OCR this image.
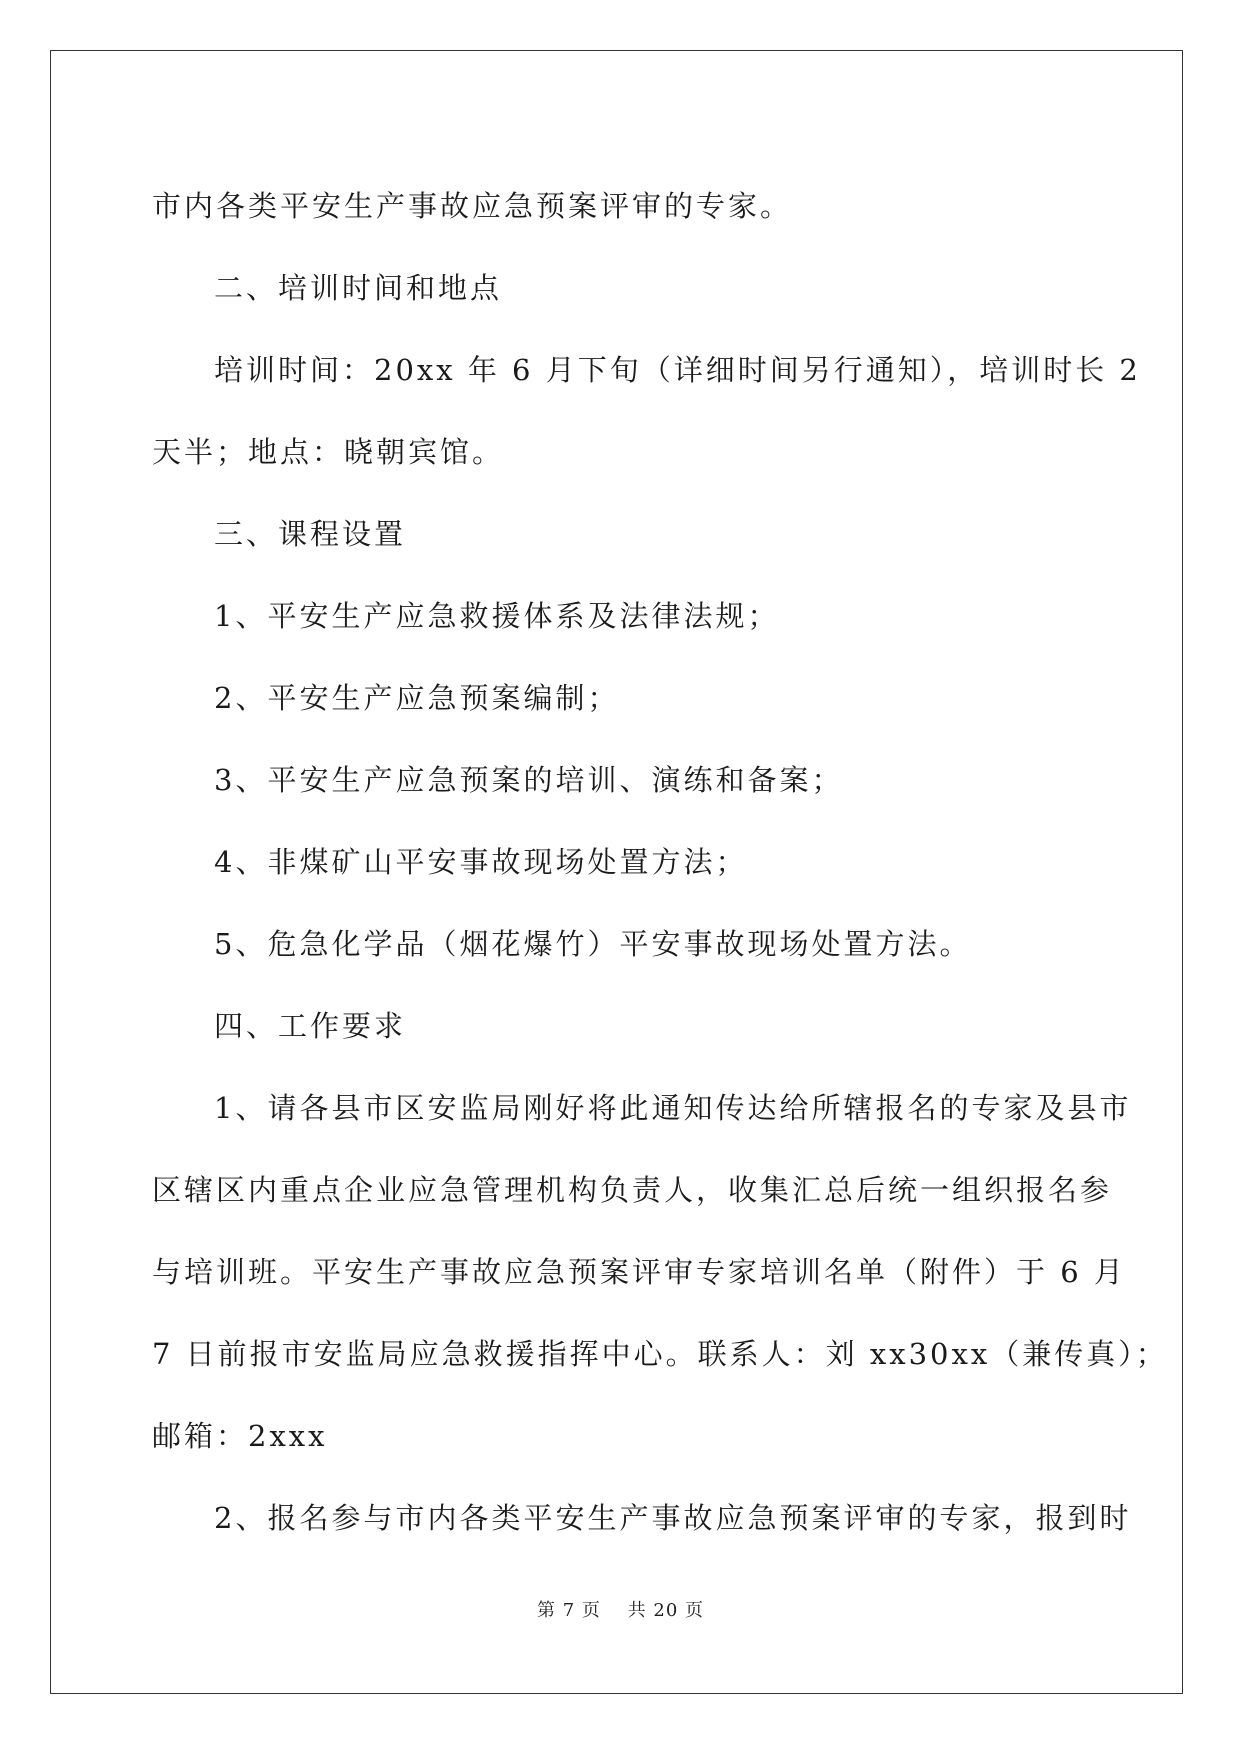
市内各类平安生产事故应急预案评审的专家。
二、培训时间和地点
培训时间：20xx 年 6 月下旬（详细时间另行通知），培训时长 2
天半；地点：晓朝宾馆。
三、课程设置
1、平安生产应急救援体系及法律法规；
2、平安生产应急预案编制；
3、平安生产应急预案的培训、演练和备案；
4、非煤矿山平安事故现场处置方法；
5、危急化学品（烟花爆竹）平安事故现场处置方法。
四、工作要求
1、请各县市区安监局刚好将此通知传达给所辖报名的专家及县市
区辖区内重点企业应急管理机构负责人，收集汇总后统一组织报名参
与培训班。平安生产事故应急预案评审专家培训名单（附件）于 6 月
7 日前报市安监局应急救援指挥中心。联系人：刘 xx30xx（兼传真）；
邮箱：2xxx
2、报名参与市内各类平安生产事故应急预案评审的专家，报到时
第 7 页 共 20 页
